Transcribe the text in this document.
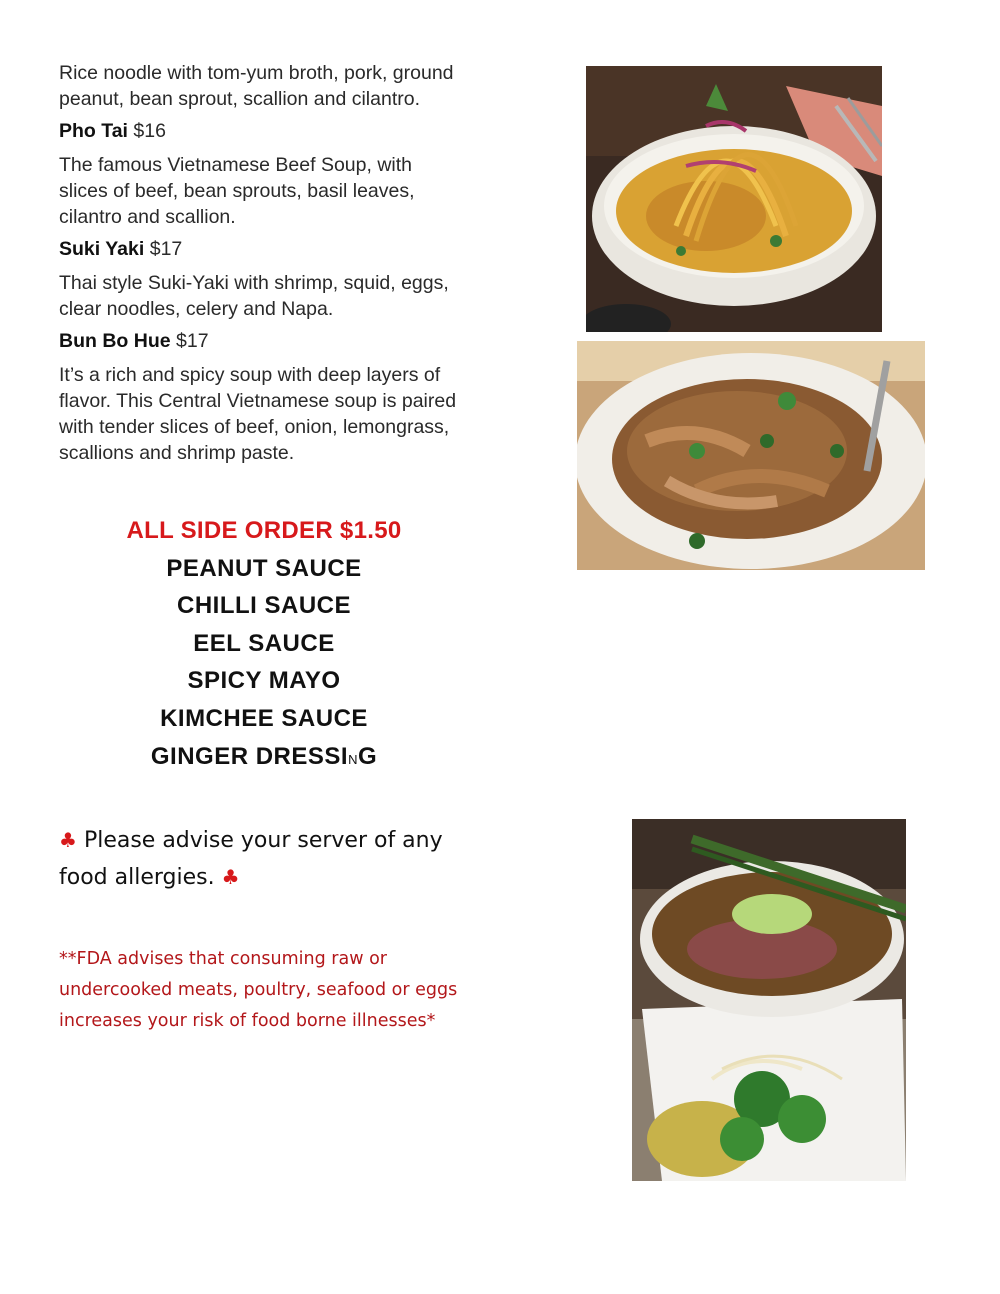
Rice noodle with tom-yum broth, pork, ground peanut, bean sprout, scallion and cilantro.

Pho Tai $16

The famous Vietnamese Beef Soup, with slices of beef, bean sprouts, basil leaves, cilantro and scallion.

Suki Yaki $17

Thai style Suki-Yaki with shrimp, squid, eggs, clear noodles, celery and Napa.

Bun Bo Hue $17

It’s a rich and spicy soup with deep layers of flavor. This Central Vietnamese soup is paired with tender slices of beef, onion, lemongrass, scallions and shrimp paste.

ALL SIDE ORDER $1.50
PEANUT SAUCE
CHILLI SAUCE
EEL SAUCE
SPICY MAYO
KIMCHEE SAUCE
GINGER DRESSING
♣ Please advise your server of any food allergies. ♣
**FDA advises that consuming raw or undercooked meats, poultry, seafood or eggs increases your risk of food borne illnesses*
